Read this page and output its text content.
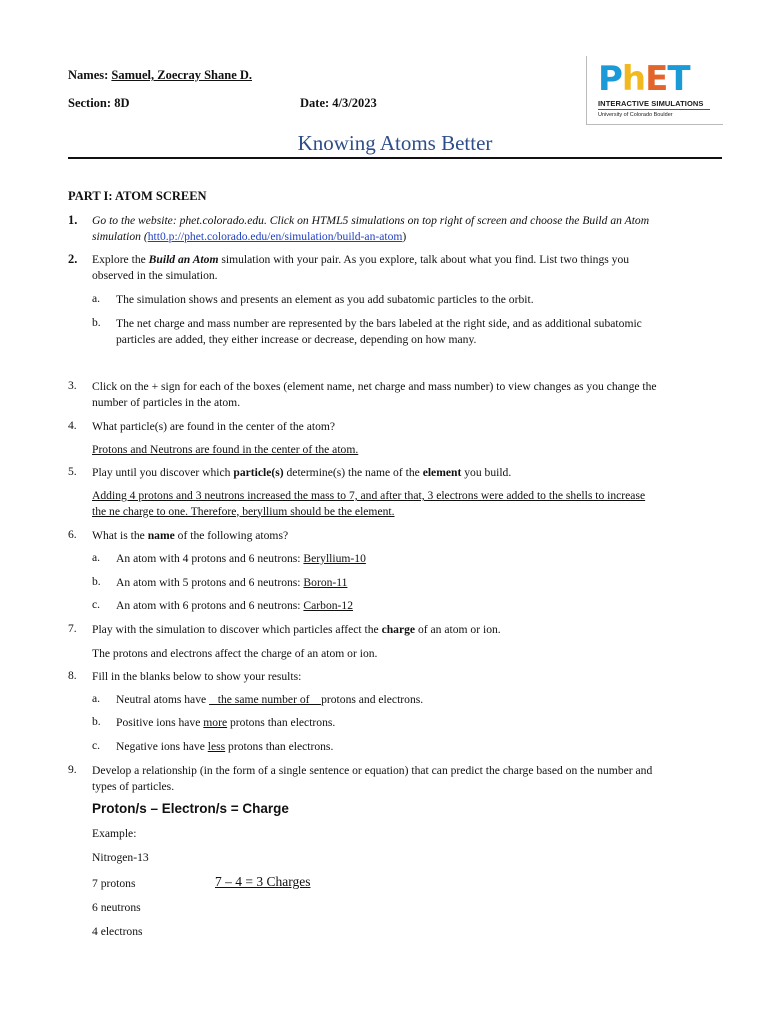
Names: Samuel, Zoecray Shane D.
Section: 8D	Date: 4/3/2023
PhET
INTERACTIVE SIMULATIONS
University of Colorado Boulder
Knowing Atoms Better
PART I: ATOM SCREEN
1. Go to the website: phet.colorado.edu. Click on HTML5 simulations on top right of screen and choose the Build an Atom
simulation (htt0.p://phet.colorado.edu/en/simulation/build-an-atom)
2. Explore the Build an Atom simulation with your pair. As you explore, talk about what you find. List two things you
observed in the simulation.
a. The simulation shows and presents an element as you add subatomic particles to the orbit.
b. The net charge and mass number are represented by the bars labeled at the right side, and as additional subatomic
particles are added, they either increase or decrease, depending on how many.
3. Click on the + sign for each of the boxes (element name, net charge and mass number) to view changes as you change the
number of particles in the atom.
4. What particle(s) are found in the center of the atom?
Protons and Neutrons are found in the center of the atom.
5. Play until you discover which particle(s) determine(s) the name of the element you build.
Adding 4 protons and 3 neutrons increased the mass to 7, and after that, 3 electrons were added to the shells to increase
the ne charge to one. Therefore, beryllium should be the element.
6. What is the name of the following atoms?
a. An atom with 4 protons and 6 neutrons: Beryllium-10
b. An atom with 5 protons and 6 neutrons: Boron-11
c. An atom with 6 protons and 6 neutrons: Carbon-12
7. Play with the simulation to discover which particles affect the charge of an atom or ion.
The protons and electrons affect the charge of an atom or ion.
8. Fill in the blanks below to show your results:
a. Neutral atoms have    the same number of    protons and electrons.
b. Positive ions have more protons than electrons.
c. Negative ions have less protons than electrons.
9. Develop a relationship (in the form of a single sentence or equation) that can predict the charge based on the number and
types of particles.
Proton/s – Electron/s = Charge
Example:
Nitrogen-13
7 protons	7 – 4 = 3 Charges
6 neutrons
4 electrons
